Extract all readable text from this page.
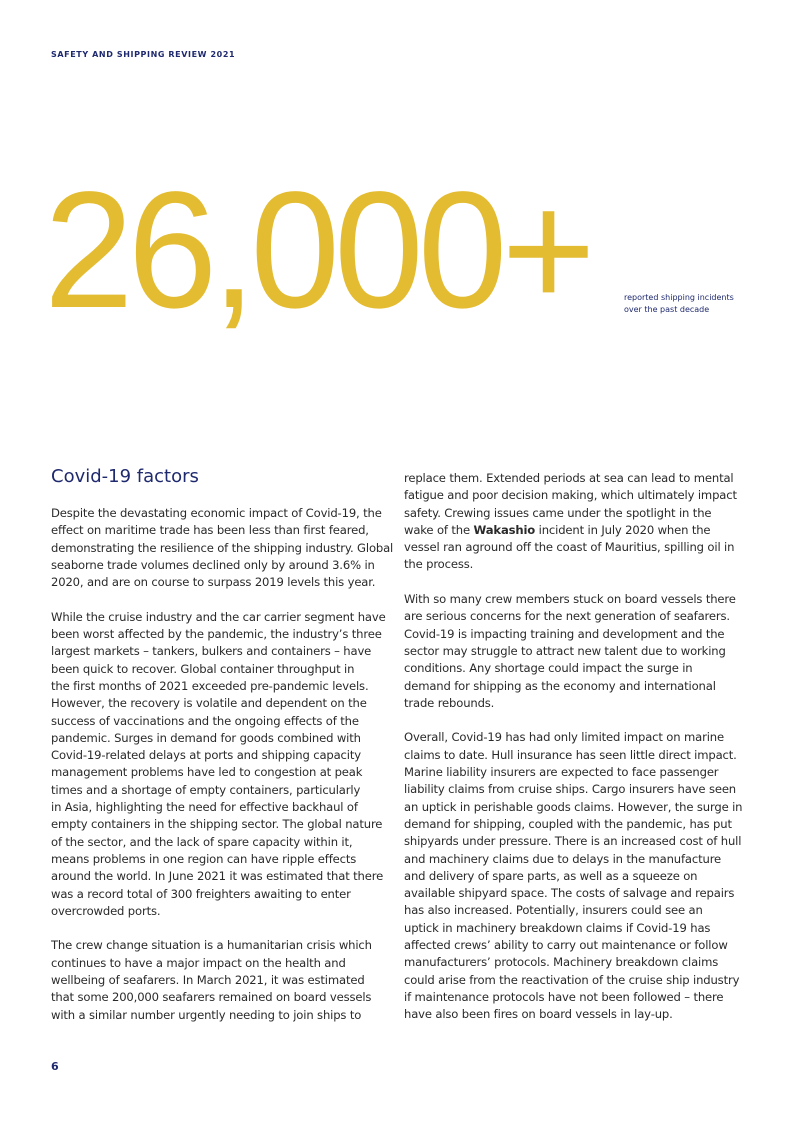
SAFETY AND SHIPPING REVIEW 2021
26,000+	reported shipping incidents
over the past decade
Covid-19 factors

Despite the devastating economic impact of Covid-19, the
effect on maritime trade has been less than first feared,
demonstrating the resilience of the shipping industry. Global
seaborne trade volumes declined only by around 3.6% in
2020, and are on course to surpass 2019 levels this year.

While the cruise industry and the car carrier segment have
been worst affected by the pandemic, the industry’s three
largest markets – tankers, bulkers and containers – have
been quick to recover. Global container throughput in
the first months of 2021 exceeded pre-pandemic levels.
However, the recovery is volatile and dependent on the
success of vaccinations and the ongoing effects of the
pandemic. Surges in demand for goods combined with
Covid-19-related delays at ports and shipping capacity
management problems have led to congestion at peak
times and a shortage of empty containers, particularly
in Asia, highlighting the need for effective backhaul of
empty containers in the shipping sector. The global nature
of the sector, and the lack of spare capacity within it,
means problems in one region can have ripple effects
around the world. In June 2021 it was estimated that there
was a record total of 300 freighters awaiting to enter
overcrowded ports.

The crew change situation is a humanitarian crisis which
continues to have a major impact on the health and
wellbeing of seafarers. In March 2021, it was estimated
that some 200,000 seafarers remained on board vessels
with a similar number urgently needing to join ships to

replace them. Extended periods at sea can lead to mental
fatigue and poor decision making, which ultimately impact
safety. Crewing issues came under the spotlight in the
wake of the Wakashio incident in July 2020 when the
vessel ran aground off the coast of Mauritius, spilling oil in
the process.

With so many crew members stuck on board vessels there
are serious concerns for the next generation of seafarers.
Covid-19 is impacting training and development and the
sector may struggle to attract new talent due to working
conditions. Any shortage could impact the surge in
demand for shipping as the economy and international
trade rebounds.

Overall, Covid-19 has had only limited impact on marine
claims to date. Hull insurance has seen little direct impact.
Marine liability insurers are expected to face passenger
liability claims from cruise ships. Cargo insurers have seen
an uptick in perishable goods claims. However, the surge in
demand for shipping, coupled with the pandemic, has put
shipyards under pressure. There is an increased cost of hull
and machinery claims due to delays in the manufacture
and delivery of spare parts, as well as a squeeze on
available shipyard space. The costs of salvage and repairs
has also increased. Potentially, insurers could see an
uptick in machinery breakdown claims if Covid-19 has
affected crews’ ability to carry out maintenance or follow
manufacturers’ protocols. Machinery breakdown claims
could arise from the reactivation of the cruise ship industry
if maintenance protocols have not been followed – there
have also been fires on board vessels in lay-up.

6
